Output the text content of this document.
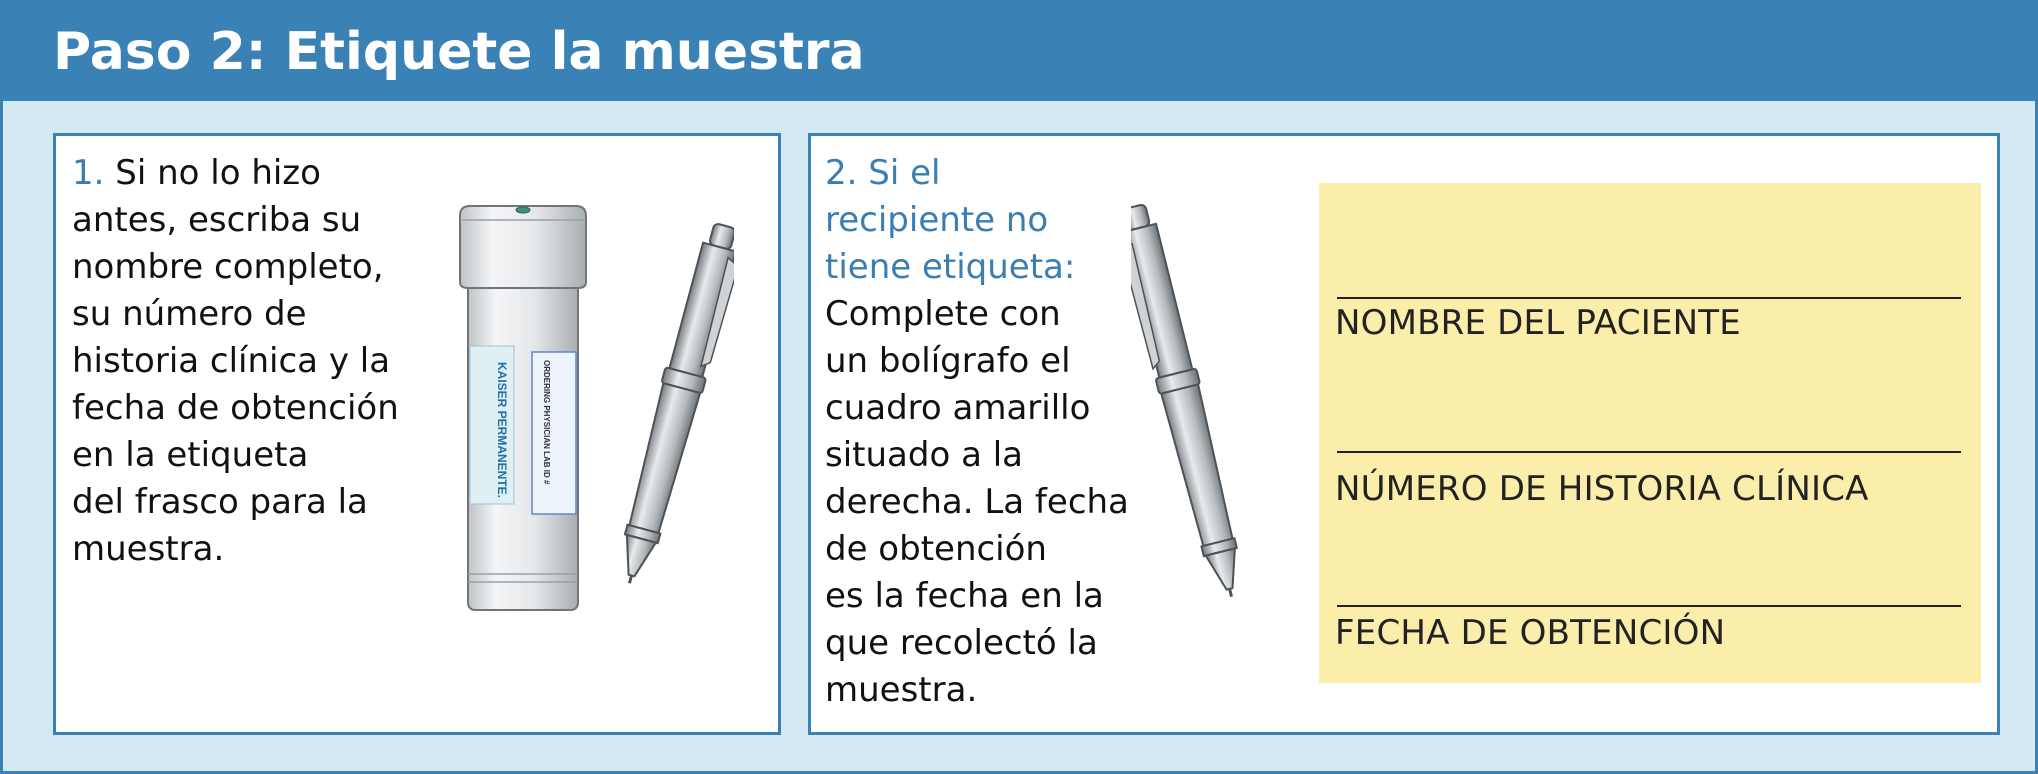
Paso 2: Etiquete la muestra
1. Si no lo hizo
antes, escriba su
nombre completo,
su número de
historia clínica y la
fecha de obtención
en la etiqueta
del frasco para la
muestra.
KAISER PERMANENTE.	ORDERING PHYSICIAN LAB ID #
2. Si el
recipiente no
tiene etiqueta:
Complete con
un bolígrafo el
cuadro amarillo
situado a la
derecha. La fecha
de obtención
es la fecha en la
que recolectó la
muestra.
NOMBRE DEL PACIENTE
NÚMERO DE HISTORIA CLÍNICA
FECHA DE OBTENCIÓN
